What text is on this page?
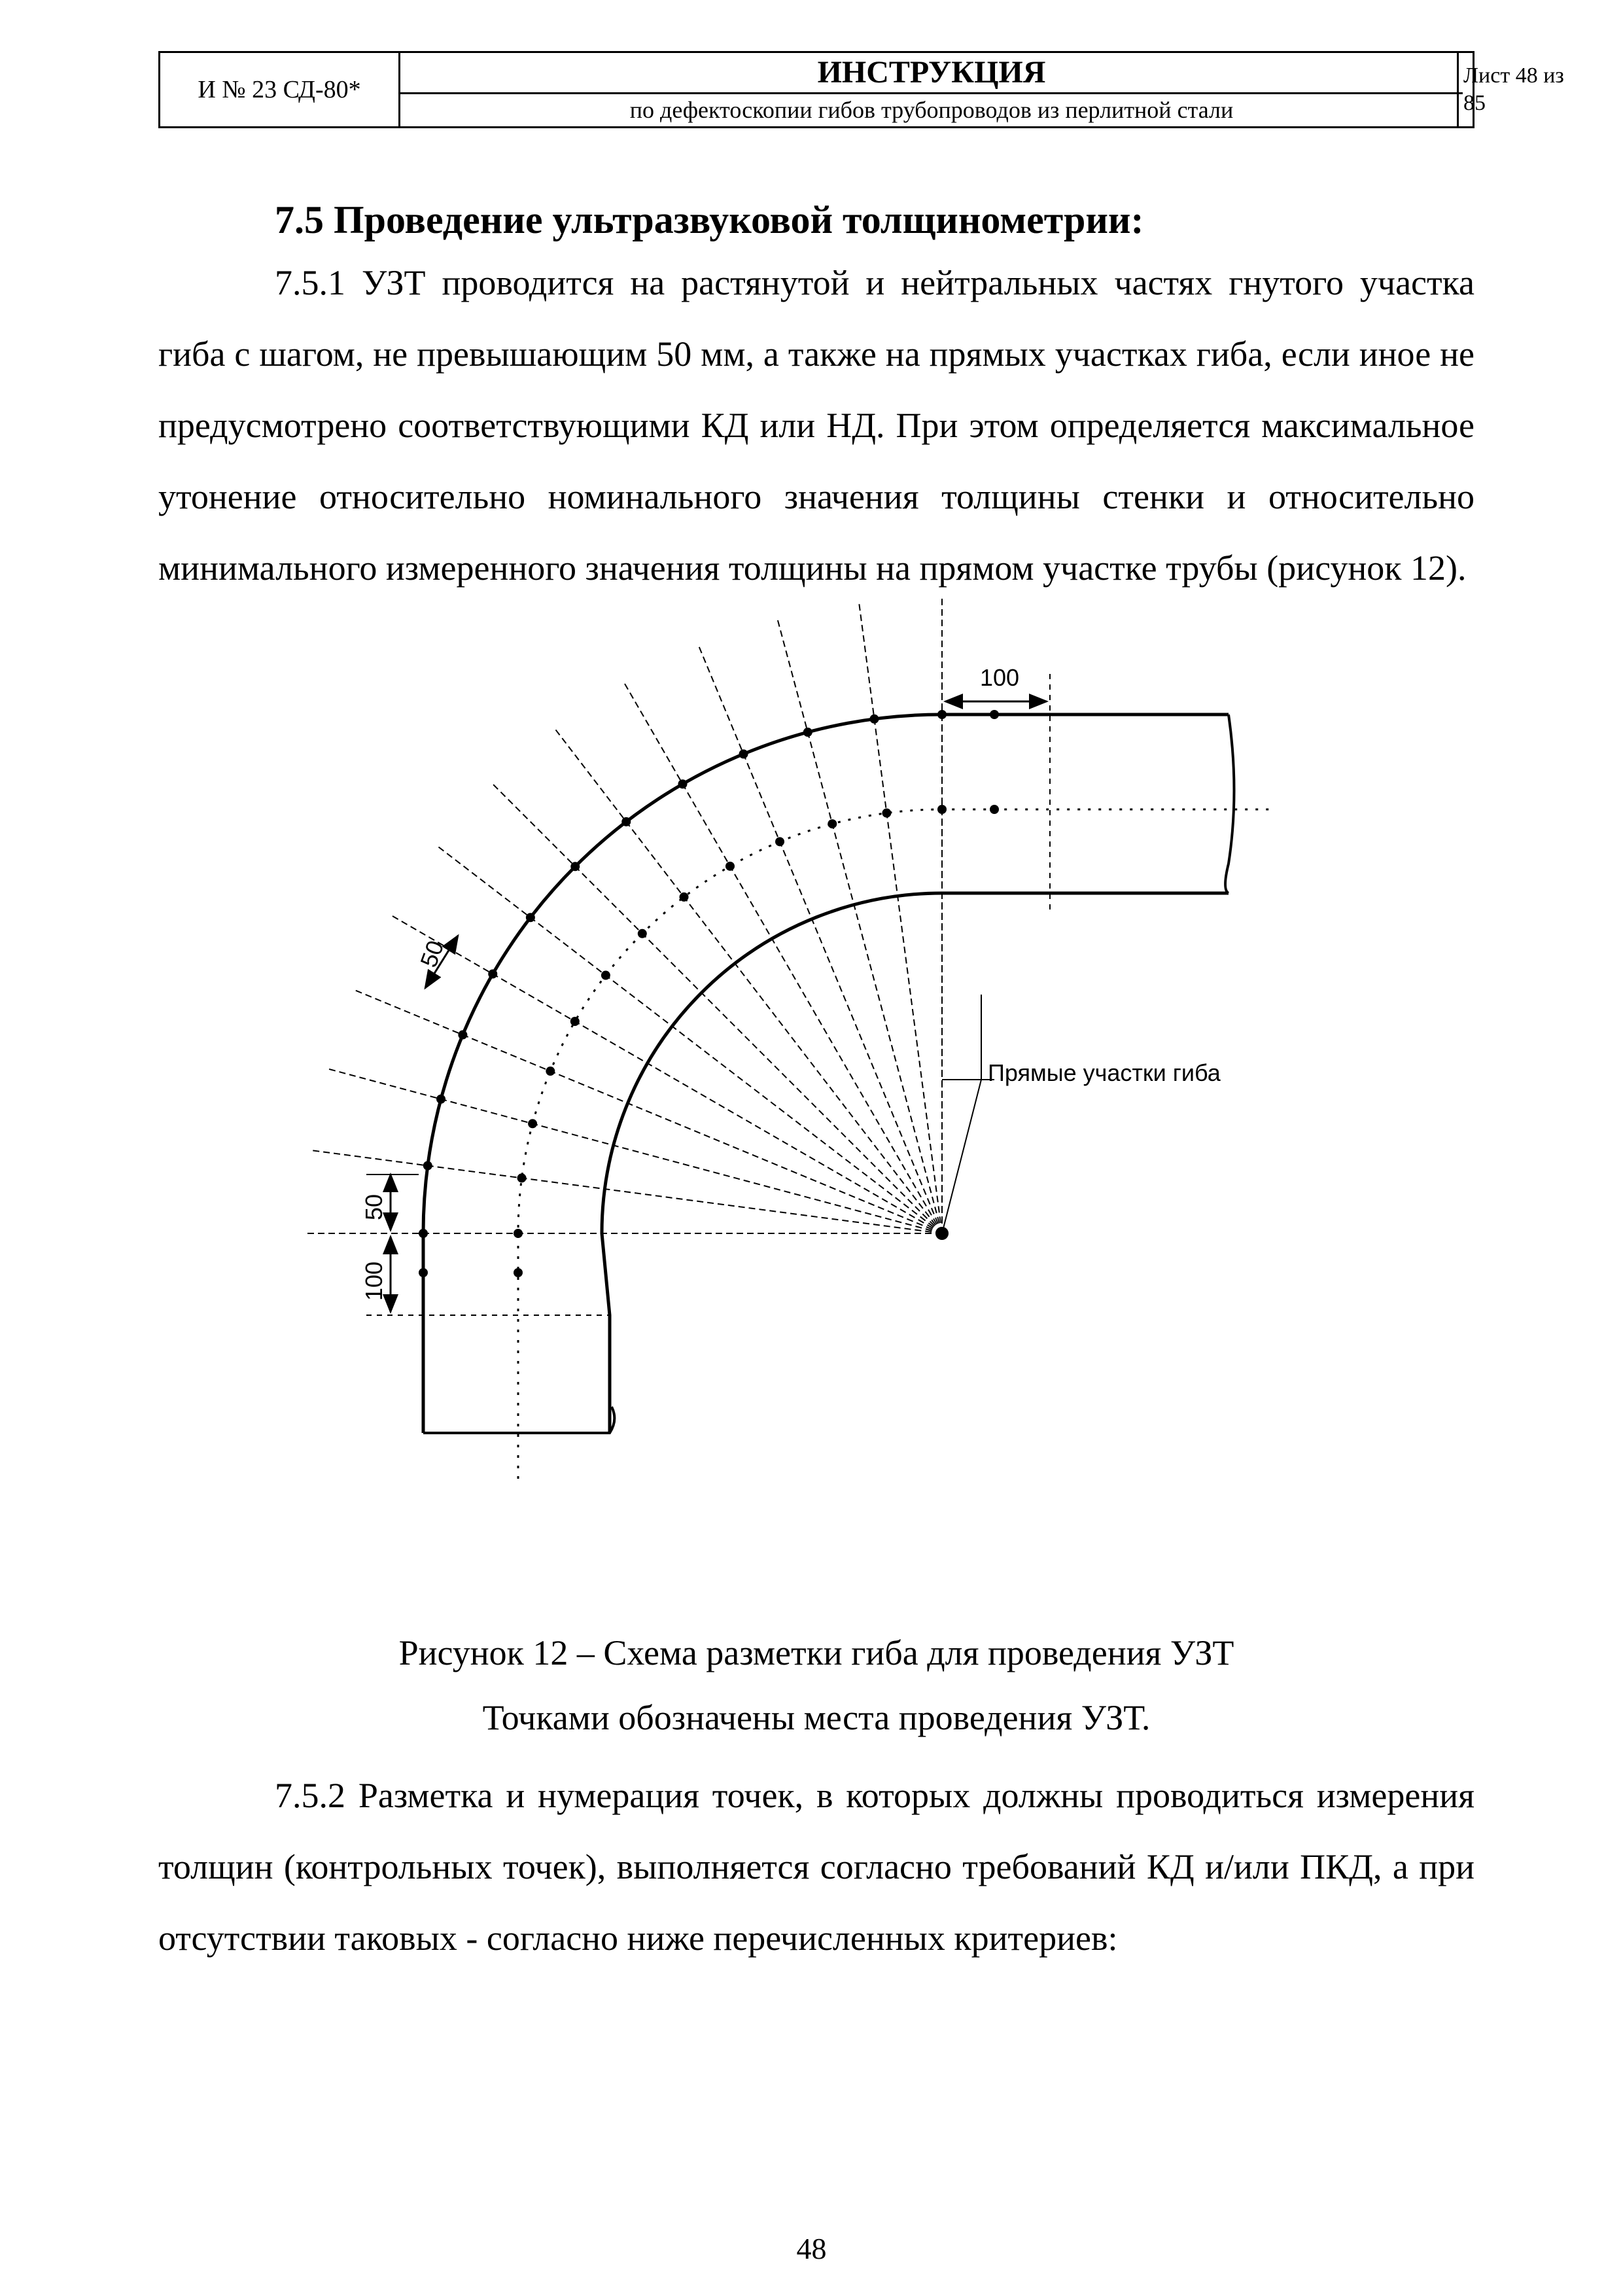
И № 23 СД-80*	ИНСТРУКЦИЯ
по дефектоскопии гибов трубопроводов из перлитной стали
Лист 48 из
85
7.5 Проведение ультразвуковой толщинометрии:

7.5.1 УЗТ проводится на растянутой и нейтральных частях гнутого участка гиба с шагом, не превышающим 50 мм, а также на прямых участках гиба, если иное не предусмотрено соответствующими КД или НД. При этом определяется максимальное утонение относительно номинального значения толщины стенки и относительно минимального измеренного значения толщины на прямом участке трубы (рисунок 12).

100
50
50
100
Прямые участки гиба
Рисунок 12 – Схема разметки гиба для проведения УЗТ
Точками обозначены места проведения УЗТ.

7.5.2 Разметка и нумерация точек, в которых должны проводиться измерения толщин (контрольных точек), выполняется согласно требований КД и/или ПКД, а при отсутствии таковых - согласно ниже перечисленных критериев:

48
